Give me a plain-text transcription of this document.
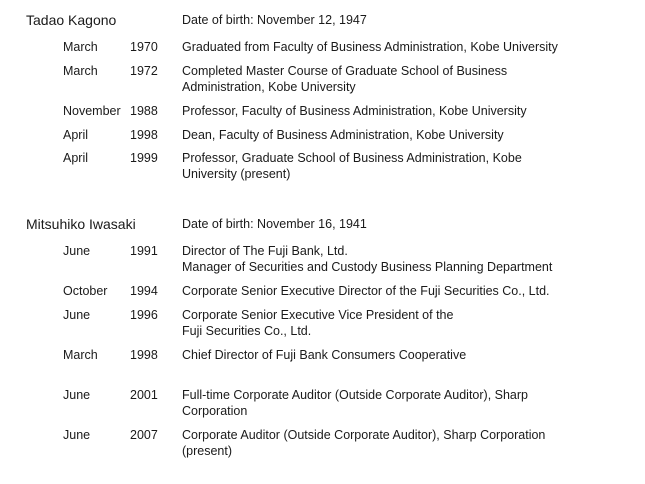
Tadao Kagono	Date of birth: November 12, 1947
March	1970 Graduated from Faculty of Business Administration, Kobe University
March	1972 Completed Master Course of Graduate School of Business
Administration, Kobe University
November 1988 Professor, Faculty of Business Administration, Kobe University
April	1998 Dean, Faculty of Business Administration, Kobe University
April	1999 Professor, Graduate School of Business Administration, Kobe
University (present)
Mitsuhiko Iwasaki	Date of birth: November 16, 1941
June	1991 Director of The Fuji Bank, Ltd.
Manager of Securities and Custody Business Planning Department
October 1994 Corporate Senior Executive Director of the Fuji Securities Co., Ltd.
June	1996 Corporate Senior Executive Vice President of the
Fuji Securities Co., Ltd.
March	1998 Chief Director of Fuji Bank Consumers Cooperative
June	2001 Full-time Corporate Auditor (Outside Corporate Auditor), Sharp
Corporation
June	2007 Corporate Auditor (Outside Corporate Auditor), Sharp Corporation
(present)
